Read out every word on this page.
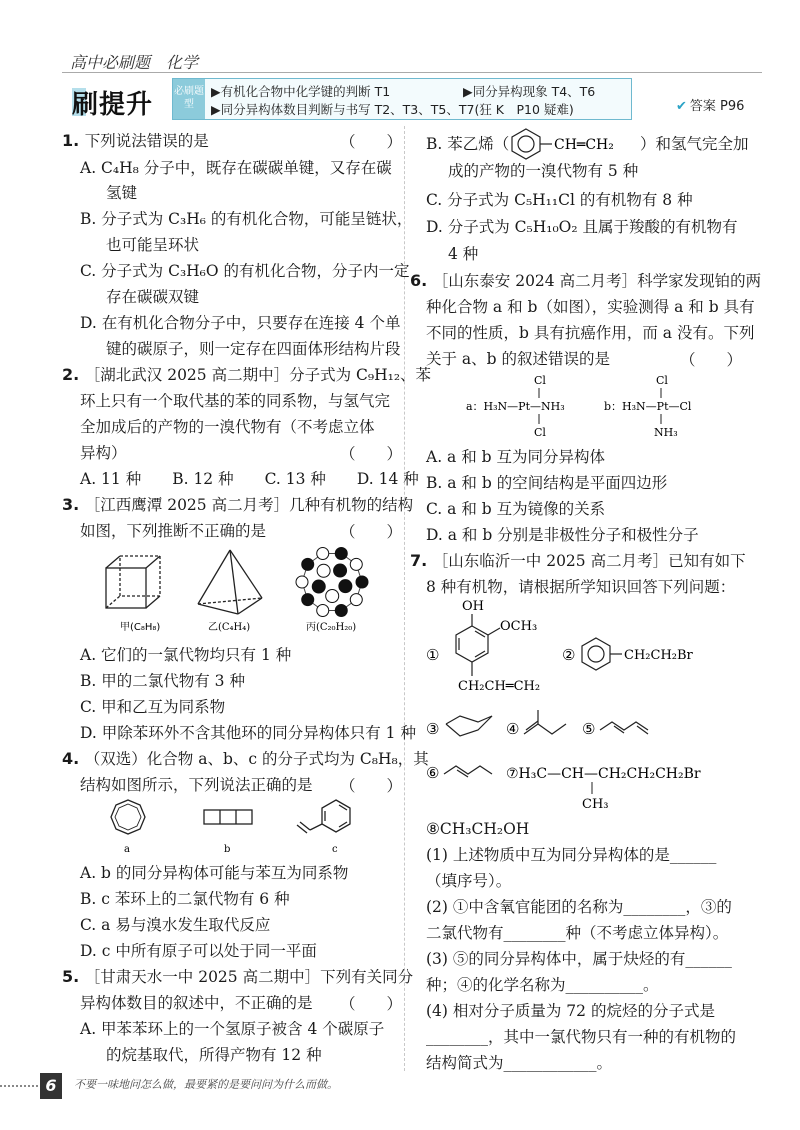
高中必刷题　化学
刷提升 必刷题型
▶有机化合物中化学键的判断 T1	▶同分异构现象 T4、T6
▶同分异构体数目判断与书写 T2、T3、T5、T7(狂 K　P10 疑难)	✔ 答案 P96
1. 下列说法错误的是
A. C₄H₈ 分子中，既存在碳碳单键，又存在碳
氢键
B. 分子式为 C₃H₆ 的有机化合物，可能呈链状，
也可能呈环状
C. 分子式为 C₃H₆O 的有机化合物，分子内一定
存在碳碳双键
D. 在有机化合物分子中，只要存在连接 4 个单
键的碳原子，则一定存在四面体形结构片段
2. ［湖北武汉 2025 高二期中］分子式为 C₉H₁₂、苯
环上只有一个取代基的苯的同系物，与氢气完
全加成后的产物的一溴代物有（不考虑立体
异构）
A. 11 种　　B. 12 种　　C. 13 种　　D. 14 种
3. ［江西鹰潭 2025 高二月考］几种有机物的结构
如图，下列推断不正确的是
A. 它们的一氯代物均只有 1 种
B. 甲的二氯代物有 3 种
C. 甲和乙互为同系物
D. 甲除苯环外不含其他环的同分异构体只有 1 种
4. （双选）化合物 a、b、c 的分子式均为 C₈H₈，其
结构如图所示，下列说法正确的是
A. b 的同分异构体可能与苯互为同系物
B. c 苯环上的二氯代物有 6 种
C. a 易与溴水发生取代反应
D. c 中所有原子可以处于同一平面
5. ［甘肃天水一中 2025 高二期中］下列有关同分
异构体数目的叙述中，不正确的是
A. 甲苯苯环上的一个氢原子被含 4 个碳原子
的烷基取代，所得产物有 12 种
（　　）
（　　）
（　　）
（　　）
（　　）
B. 苯乙烯（	）和氢气完全加
成的产物的一溴代物有 5 种
C. 分子式为 C₅H₁₁Cl 的有机物有 8 种
D. 分子式为 C₅H₁₀O₂ 且属于羧酸的有机物有
4 种
6. ［山东泰安 2024 高二月考］科学家发现铂的两
种化合物 a 和 b（如图），实验测得 a 和 b 具有
不同的性质，b 具有抗癌作用，而 a 没有。下列
关于 a、b 的叙述错误的是
A. a 和 b 互为同分异构体
B. a 和 b 的空间结构是平面四边形
C. a 和 b 互为镜像的关系
D. a 和 b 分别是非极性分子和极性分子
7. ［山东临沂一中 2025 高二月考］已知有如下
8 种有机物，请根据所学知识回答下列问题：
⑧CH₃CH₂OH
(1) 上述物质中互为同分异构体的是______
（填序号）。
(2) ①中含氧官能团的名称为________，③的
二氯代物有________种（不考虑立体异构）。
(3) ⑤的同分异构体中，属于炔烃的有______
种；④的化学名称为__________。
(4) 相对分子质量为 72 的烷烃的分子式是
________，其中一氯代物只有一种的有机物的
结构简式为____________。
（　　）
甲(C₈H₈)	乙(C₄H₄)	丙(C₂₀H₂₀)
a	b	c
CH═CH₂
Cl
a：H₃N—Pt—NH₃
Cl
Cl
b：H₃N—Pt—Cl
NH₃
①
OH
OCH₃
CH₂CH═CH₂
②	CH₂CH₂Br
③	④	⑤
⑥	⑦H₃C—CH—CH₂CH₂CH₂Br
CH₃
6	不要一味地问怎么做，最要紧的是要问问为什么而做。
